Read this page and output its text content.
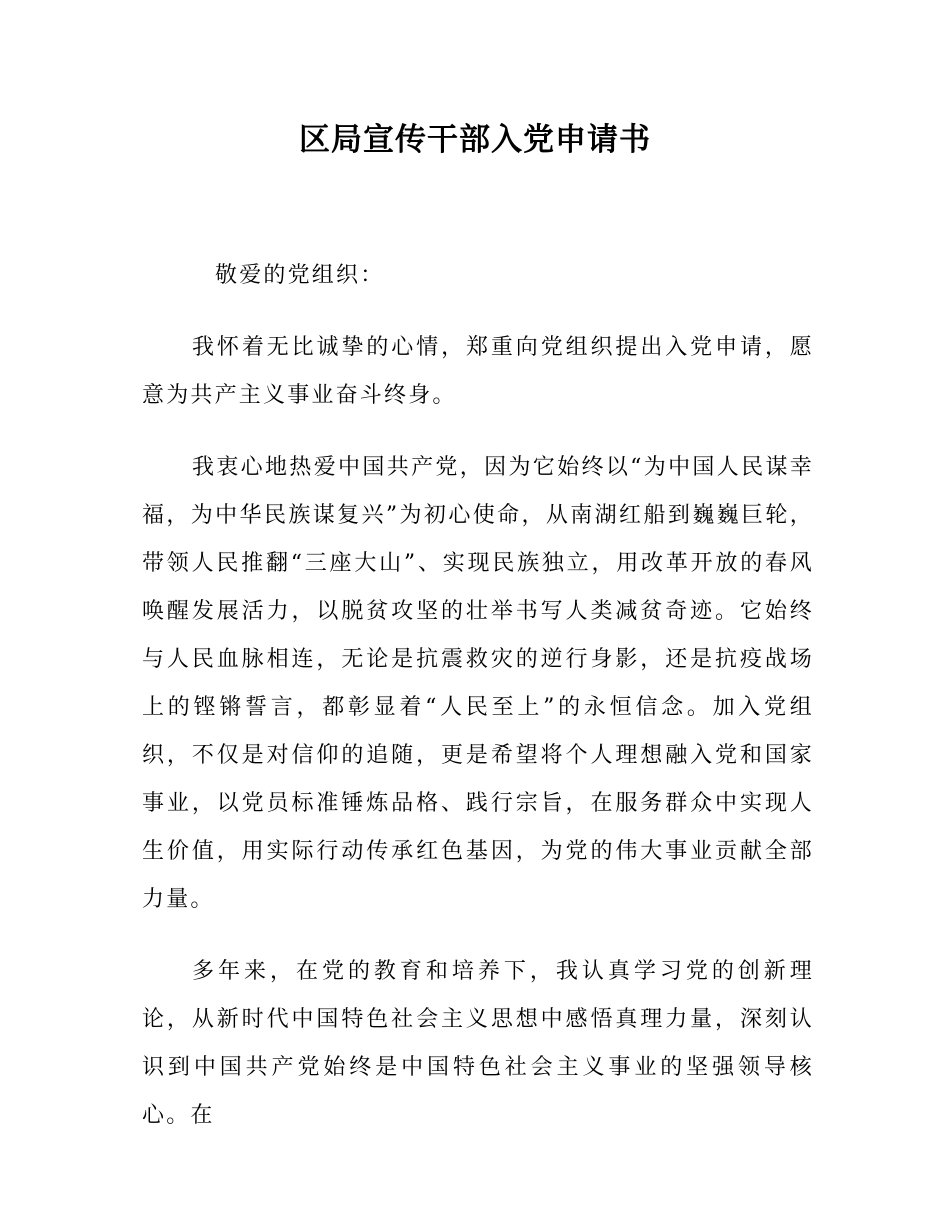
区局宣传干部入党申请书

敬爱的党组织：

我怀着无比诚挚的心情，郑重向党组织提出入党申请，愿意为共产主义事业奋斗终身。

我衷心地热爱中国共产党，因为它始终以“为中国人民谋幸福，为中华民族谋复兴”为初心使命，从南湖红船到巍巍巨轮，带领人民推翻“三座大山”、实现民族独立，用改革开放的春风唤醒发展活力，以脱贫攻坚的壮举书写人类减贫奇迹。它始终与人民血脉相连，无论是抗震救灾的逆行身影，还是抗疫战场上的铿锵誓言，都彰显着“人民至上”的永恒信念。加入党组织，不仅是对信仰的追随，更是希望将个人理想融入党和国家事业，以党员标准锤炼品格、践行宗旨，在服务群众中实现人生价值，用实际行动传承红色基因，为党的伟大事业贡献全部力量。

多年来，在党的教育和培养下，我认真学习党的创新理论，从新时代中国特色社会主义思想中感悟真理力量，深刻认识到中国共产党始终是中国特色社会主义事业的坚强领导核心。在
